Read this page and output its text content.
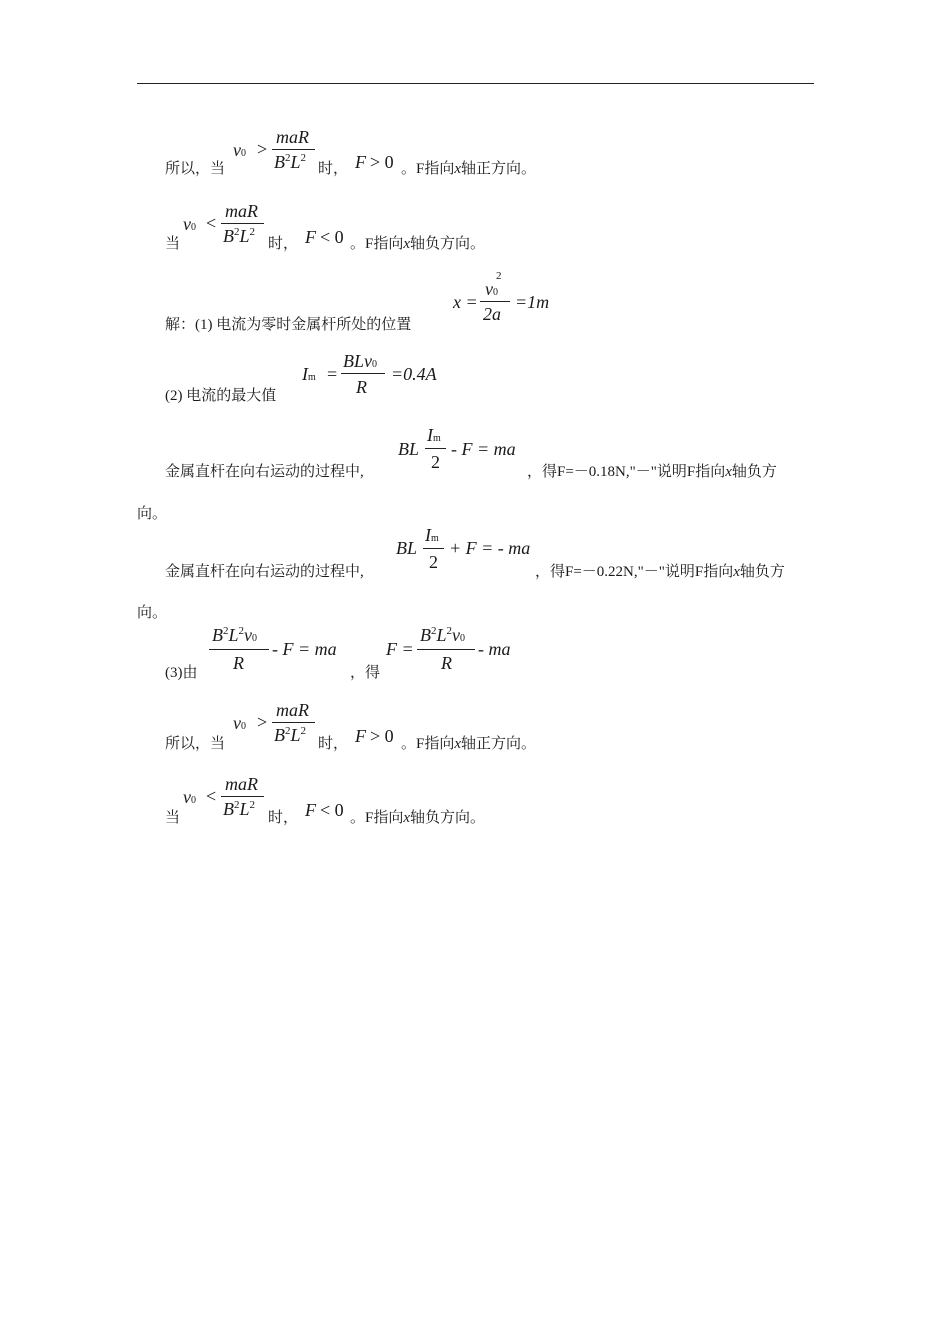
所以，当
v0 >
maR
$B^2L^2$
时， F > 0 。F指向x轴正方向。
当
v0 <
maR
$B^2L^2$
时， F < 0 。F指向x轴负方向。
解：(1) 电流为零时金属杆所处的位置
x =
$v0^2$
2a
=1m
(2) 电流的最大值
Im =
BLv0
R
=0.4A
金属直杆在向右运动的过程中,
BL
Im
2
- F = ma
，得F=－0.18N,"－"说明F指向x轴负方
向。
金属直杆在向右运动的过程中,
BL
Im
2
+ F = - ma
，得F=－0.22N,"－"说明F指向x轴负方
向。
(3)由
$B^2L^2v0$
R
- F = ma
，得
F =
$B^2L^2v0$
R
- ma
所以，当
v0 >
maR
$B^2L^2$
时， F > 0 。F指向x轴正方向。
当
v0 <
maR
$B^2L^2$
时， F < 0 。F指向x轴负方向。
